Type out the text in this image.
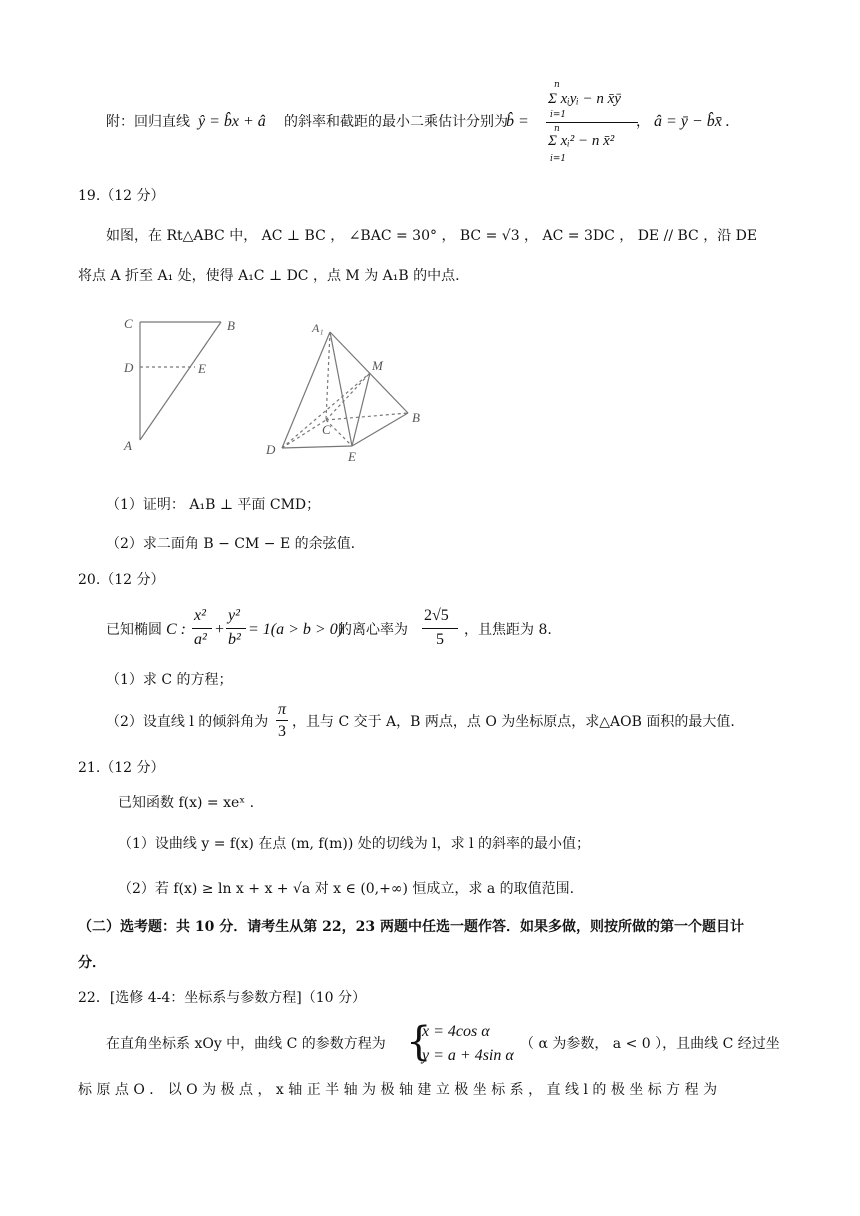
附：回归直线 ŷ = b̂x + â 的斜率和截距的最小二乘估计分别为
b̂ =
n
Σ xᵢyᵢ − n x̄ȳ
i=1
n
Σ xᵢ² − n x̄²
i=1
， â = ȳ − b̂x̄ .
19.（12 分）
如图，在 Rt△ABC 中， AC ⊥ BC ， ∠BAC = 30° ， BC = √3 ， AC = 3DC ， DE // BC ，沿 DE
将点 A 折至 A₁ 处，使得 A₁C ⊥ DC ，点 M 为 A₁B 的中点.
C	B
D	E
A
A₁
M
C
B
D	E
（1）证明： A₁B ⊥ 平面 CMD；
（2）求二面角 B − CM − E 的余弦值.
20.（12 分）
已知椭圆 C :
x²
a²
+
y²
b²
= 1(a > b > 0)
的离心率为
2√5
5
，且焦距为 8.
（1）求 C 的方程；
（2）设直线 l 的倾斜角为
π
3
，且与 C 交于 A，B 两点，点 O 为坐标原点，求△AOB 面积的最大值.
21.（12 分）
已知函数 f(x) = xeˣ .
（1）设曲线 y = f(x) 在点 (m, f(m)) 处的切线为 l，求 l 的斜率的最小值；
（2）若 f(x) ≥ ln x + x + √a 对 x ∈ (0,+∞) 恒成立，求 a 的取值范围.
（二）选考题：共 10 分．请考生从第 22，23 两题中任选一题作答．如果多做，则按所做的第一个题目计
分．
22．[选修 4-4：坐标系与参数方程]（10 分）
在直角坐标系 xOy 中，曲线 C 的参数方程为 {
x = 4cos α
y = a + 4sin α
（ α 为参数， a < 0 ），且曲线 C 经过坐
标 原 点 O ． 以 O 为 极 点 ， x 轴 正 半 轴 为 极 轴 建 立 极 坐 标 系 ， 直 线 l 的 极 坐 标 方 程 为
